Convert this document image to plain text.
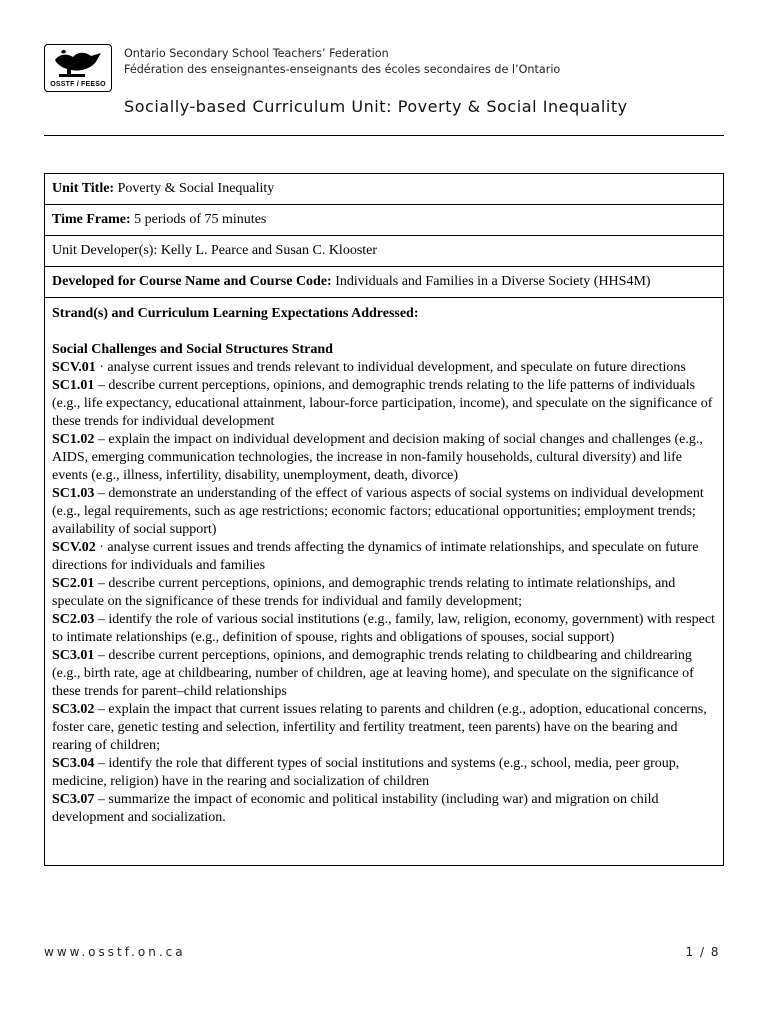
OSSTF / FEESO
Ontario Secondary School Teachers’ Federation
Fédération des enseignantes-enseignants des écoles secondaires de l’Ontario
Socially-based Curriculum Unit: Poverty & Social Inequality
Unit Title: Poverty & Social Inequality
Time Frame: 5 periods of 75 minutes
Unit Developer(s): Kelly L. Pearce and Susan C. Klooster
Developed for Course Name and Course Code: Individuals and Families in a Diverse Society (HHS4M)
Strand(s) and Curriculum Learning Expectations Addressed:
Social Challenges and Social Structures Strand
SCV.01 · analyse current issues and trends relevant to individual development, and speculate on future directions
SC1.01 – describe current perceptions, opinions, and demographic trends relating to the life patterns of individuals (e.g., life expectancy, educational attainment, labour-force participation, income), and speculate on the significance of these trends for individual development
SC1.02 – explain the impact on individual development and decision making of social changes and challenges (e.g., AIDS, emerging communication technologies, the increase in non-family households, cultural diversity) and life events (e.g., illness, infertility, disability, unemployment, death, divorce)
SC1.03 – demonstrate an understanding of the effect of various aspects of social systems on individual development (e.g., legal requirements, such as age restrictions; economic factors; educational opportunities; employment trends; availability of social support)
SCV.02 · analyse current issues and trends affecting the dynamics of intimate relationships, and speculate on future directions for individuals and families
SC2.01 – describe current perceptions, opinions, and demographic trends relating to intimate relationships, and speculate on the significance of these trends for individual and family development;
SC2.03 – identify the role of various social institutions (e.g., family, law, religion, economy, government) with respect to intimate relationships (e.g., definition of spouse, rights and obligations of spouses, social support)
SC3.01 – describe current perceptions, opinions, and demographic trends relating to childbearing and childrearing (e.g., birth rate, age at childbearing, number of children, age at leaving home), and speculate on the significance of these trends for parent–child relationships
SC3.02 – explain the impact that current issues relating to parents and children (e.g., adoption, educational concerns, foster care, genetic testing and selection, infertility and fertility treatment, teen parents) have on the bearing and rearing of children;
SC3.04 – identify the role that different types of social institutions and systems (e.g., school, media, peer group, medicine, religion) have in the rearing and socialization of children
SC3.07 – summarize the impact of economic and political instability (including war) and migration on child development and socialization.
www.osstf.on.ca	1 / 8
